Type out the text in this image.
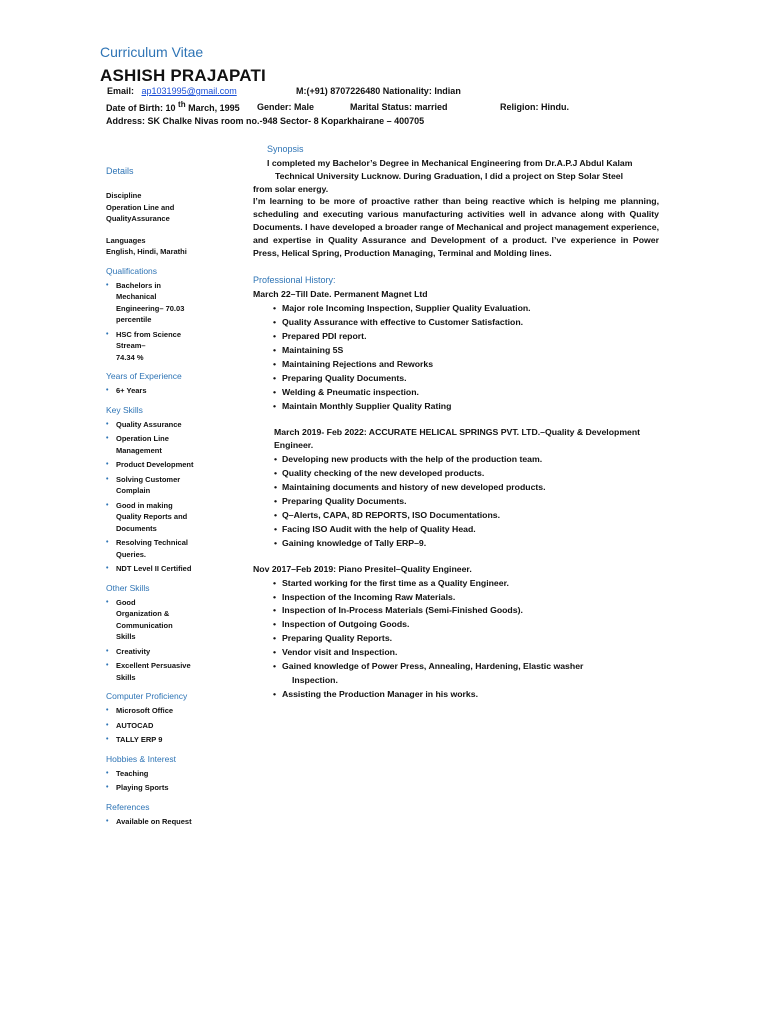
Curriculum Vitae
ASHISH PRAJAPATI
Email: ap1031995@gmail.com	M:(+91) 8707226480 Nationality: Indian
Date of Birth: 10 $^{th}$ March, 1995 Gender: Male	Marital Status: married	Religion: Hindu.
Address: SK Chalke Nivas room no.-948 Sector- 8 Koparkhairane – 400705
Details
Discipline
Operation Line and
QualityAssurance
Languages
English, Hindi, Marathi
Qualifications
• Bachelors in
Mechanical
Engineering– 70.03
percentile
• HSC from Science
Stream–
74.34 %
Years of Experience
• 6+ Years
Key Skills
• Quality Assurance
• Operation Line
Management
• Product Development
• Solving Customer
Complain
• Good in making
Quality Reports and
Documents
• Resolving Technical
Queries.
• NDT Level II Certified
Other Skills
• Good
Organization &
Communication
Skills
• Creativity
• Excellent Persuasive
Skills
Computer Proficiency
• Microsoft Office
• AUTOCAD
• TALLY ERP 9
Hobbies & Interest
• Teaching
• Playing Sports
References
• Available on Request
Synopsis
I completed my Bachelor’s Degree in Mechanical Engineering from Dr.A.P.J Abdul Kalam
Technical University Lucknow. During Graduation, I did a project on Step Solar Steel
from solar energy.
I’m learning to be more of proactive rather than being reactive which is helping me planning, scheduling and executing various manufacturing activities well in advance along with Quality Documents. I have developed a broader range of Mechanical and project management experience, and expertise in Quality Assurance and Development of a product. I’ve experience in Power Press, Helical Spring, Production Managing, Terminal and Molding lines.
Professional History:
March 22–Till Date. Permanent Magnet Ltd
• Major role Incoming Inspection, Supplier Quality Evaluation.
• Quality Assurance with effective to Customer Satisfaction.
• Prepared PDI report.
• Maintaining 5S
• Maintaining Rejections and Reworks
• Preparing Quality Documents.
• Welding & Pneumatic inspection.
• Maintain Monthly Supplier Quality Rating
March 2019- Feb 2022: ACCURATE HELICAL SPRINGS PVT. LTD.–Quality & Development
Engineer.
• Developing new products with the help of the production team.
• Quality checking of the new developed products.
• Maintaining documents and history of new developed products.
• Preparing Quality Documents.
• Q–Alerts, CAPA, 8D REPORTS, ISO Documentations.
• Facing ISO Audit with the help of Quality Head.
• Gaining knowledge of Tally ERP–9.
Nov 2017–Feb 2019: Piano Presitel–Quality Engineer.
• Started working for the first time as a Quality Engineer.
• Inspection of the Incoming Raw Materials.
• Inspection of In-Process Materials (Semi-Finished Goods).
• Inspection of Outgoing Goods.
• Preparing Quality Reports.
• Vendor visit and Inspection.
• Gained knowledge of Power Press, Annealing, Hardening, Elastic washer
Inspection.
• Assisting the Production Manager in his works.
